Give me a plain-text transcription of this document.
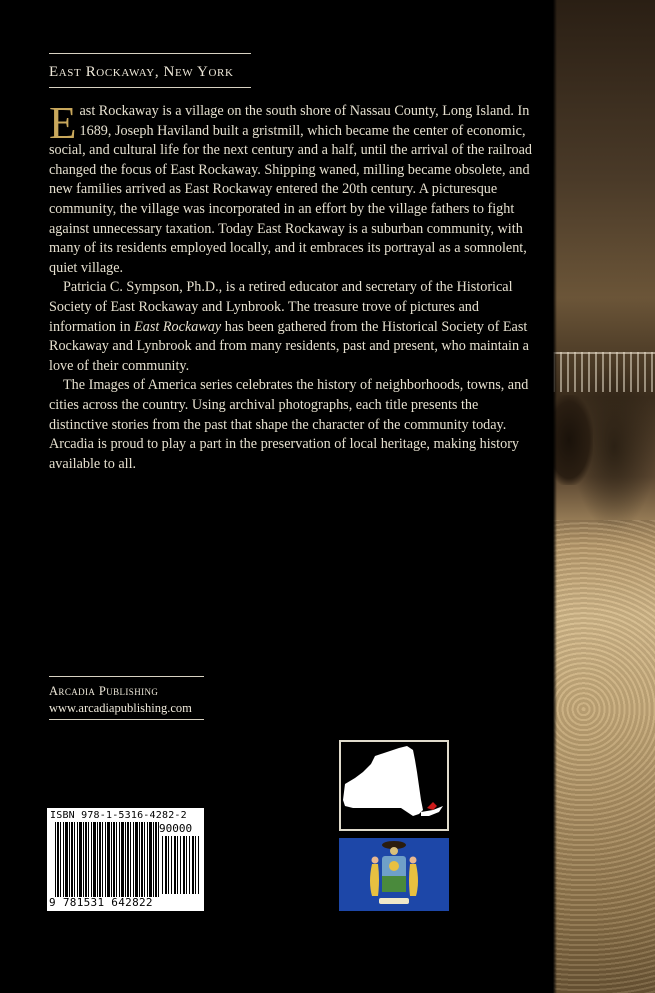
East Rockaway, New York

East Rockaway is a village on the south shore of Nassau County, Long Island. In 1689, Joseph Haviland built a gristmill, which became the center of economic, social, and cultural life for the next century and a half, until the arrival of the railroad changed the focus of East Rockaway. Shipping waned, milling became obsolete, and new families arrived as East Rockaway entered the 20th century. A picturesque community, the village was incorporated in an effort by the village fathers to fight against unnecessary taxation. Today East Rockaway is a suburban community, with many of its residents employed locally, and it embraces its portrayal as a somnolent, quiet village.

Patricia C. Sympson, Ph.D., is a retired educator and secretary of the Historical Society of East Rockaway and Lynbrook. The treasure trove of pictures and information in East Rockaway has been gathered from the Historical Society of East Rockaway and Lynbrook and from many residents, past and present, who maintain a love of their community.

The Images of America series celebrates the history of neighborhoods, towns, and cities across the country. Using archival photographs, each title presents the distinctive stories from the past that shape the character of the community today. Arcadia is proud to play a part in the preservation of local heritage, making history available to all.

Arcadia Publishing
www.arcadiapublishing.com
ISBN 978-1-5316-4282-2
90000
9 781531 642822
